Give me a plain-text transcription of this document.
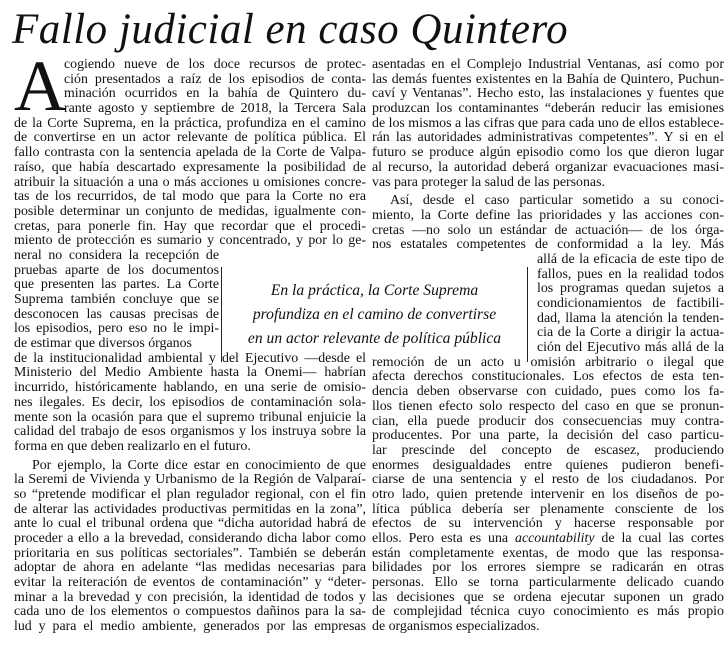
Fallo judicial en caso Quintero
A
cogiendo nueve de los doce recursos de protec-
ción presentados a raíz de los episodios de conta-
minación ocurridos en la bahía de Quintero du-
rante agosto y septiembre de 2018, la Tercera Sala
de la Corte Suprema, en la práctica, profundiza en el camino
de convertirse en un actor relevante de política pública. El
fallo contrasta con la sentencia apelada de la Corte de Valpa-
raíso, que había descartado expresamente la posibilidad de
atribuir la situación a una o más acciones u omisiones concre-
tas de los recurridos, de tal modo que para la Corte no era
posible determinar un conjunto de medidas, igualmente con-
cretas, para ponerle fin. Hay que recordar que el procedi-
miento de protección es sumario y concentrado, y por lo ge-
neral no considera la recepción de
pruebas aparte de los documentos
que presenten las partes. La Corte
Suprema también concluye que se
desconocen las causas precisas de
los episodios, pero eso no le impi-
de estimar que diversos órganos
de la institucionalidad ambiental y del Ejecutivo —desde el
Ministerio del Medio Ambiente hasta la Onemi— habrían
incurrido, históricamente hablando, en una serie de omisio-
nes ilegales. Es decir, los episodios de contaminación sola-
mente son la ocasión para que el supremo tribunal enjuicie la
calidad del trabajo de esos organismos y los instruya sobre la
forma en que deben realizarlo en el futuro.
Por ejemplo, la Corte dice estar en conocimiento de que
la Seremi de Vivienda y Urbanismo de la Región de Valparaí-
so “pretende modificar el plan regulador regional, con el fin
de alterar las actividades productivas permitidas en la zona”,
ante lo cual el tribunal ordena que “dicha autoridad habrá de
proceder a ello a la brevedad, considerando dicha labor como
prioritaria en sus políticas sectoriales”. También se deberán
adoptar de ahora en adelante “las medidas necesarias para
evitar la reiteración de eventos de contaminación” y “deter-
minar a la brevedad y con precisión, la identidad de todos y
cada uno de los elementos o compuestos dañinos para la sa-
lud y para el medio ambiente, generados por las empresas
asentadas en el Complejo Industrial Ventanas, así como por
las demás fuentes existentes en la Bahía de Quintero, Puchun-
caví y Ventanas”. Hecho esto, las instalaciones y fuentes que
produzcan los contaminantes “deberán reducir las emisiones
de los mismos a las cifras que para cada uno de ellos establece-
rán las autoridades administrativas competentes”. Y si en el
futuro se produce algún episodio como los que dieron lugar
al recurso, la autoridad deberá organizar evacuaciones masi-
vas para proteger la salud de las personas.
Así, desde el caso particular sometido a su conoci-
miento, la Corte define las prioridades y las acciones con-
cretas —no solo un estándar de actuación— de los órga-
nos estatales competentes de conformidad a la ley. Más
allá de la eficacia de este tipo de
fallos, pues en la realidad todos
los programas quedan sujetos a
condicionamientos de factibili-
dad, llama la atención la tenden-
cia de la Corte a dirigir la actua-
ción del Ejecutivo más allá de la
remoción de un acto u omisión arbitrario o ilegal que
afecta derechos constitucionales. Los efectos de esta ten-
dencia deben observarse con cuidado, pues como los fa-
llos tienen efecto solo respecto del caso en que se pronun-
cian, ella puede producir dos consecuencias muy contra-
producentes. Por una parte, la decisión del caso particu-
lar prescinde del concepto de escasez, produciendo
enormes desigualdades entre quienes pudieron benefi-
ciarse de una sentencia y el resto de los ciudadanos. Por
otro lado, quien pretende intervenir en los diseños de po-
lítica pública debería ser plenamente consciente de los
efectos de su intervención y hacerse responsable por
ellos. Pero esta es una accountability de la cual las cortes
están completamente exentas, de modo que las responsa-
bilidades por los errores siempre se radicarán en otras
personas. Ello se torna particularmente delicado cuando
las decisiones que se ordena ejecutar suponen un grado
de complejidad técnica cuyo conocimiento es más propio
de organismos especializados.
En la práctica, la Corte Suprema
profundiza en el camino de convertirse
en un actor relevante de política pública
